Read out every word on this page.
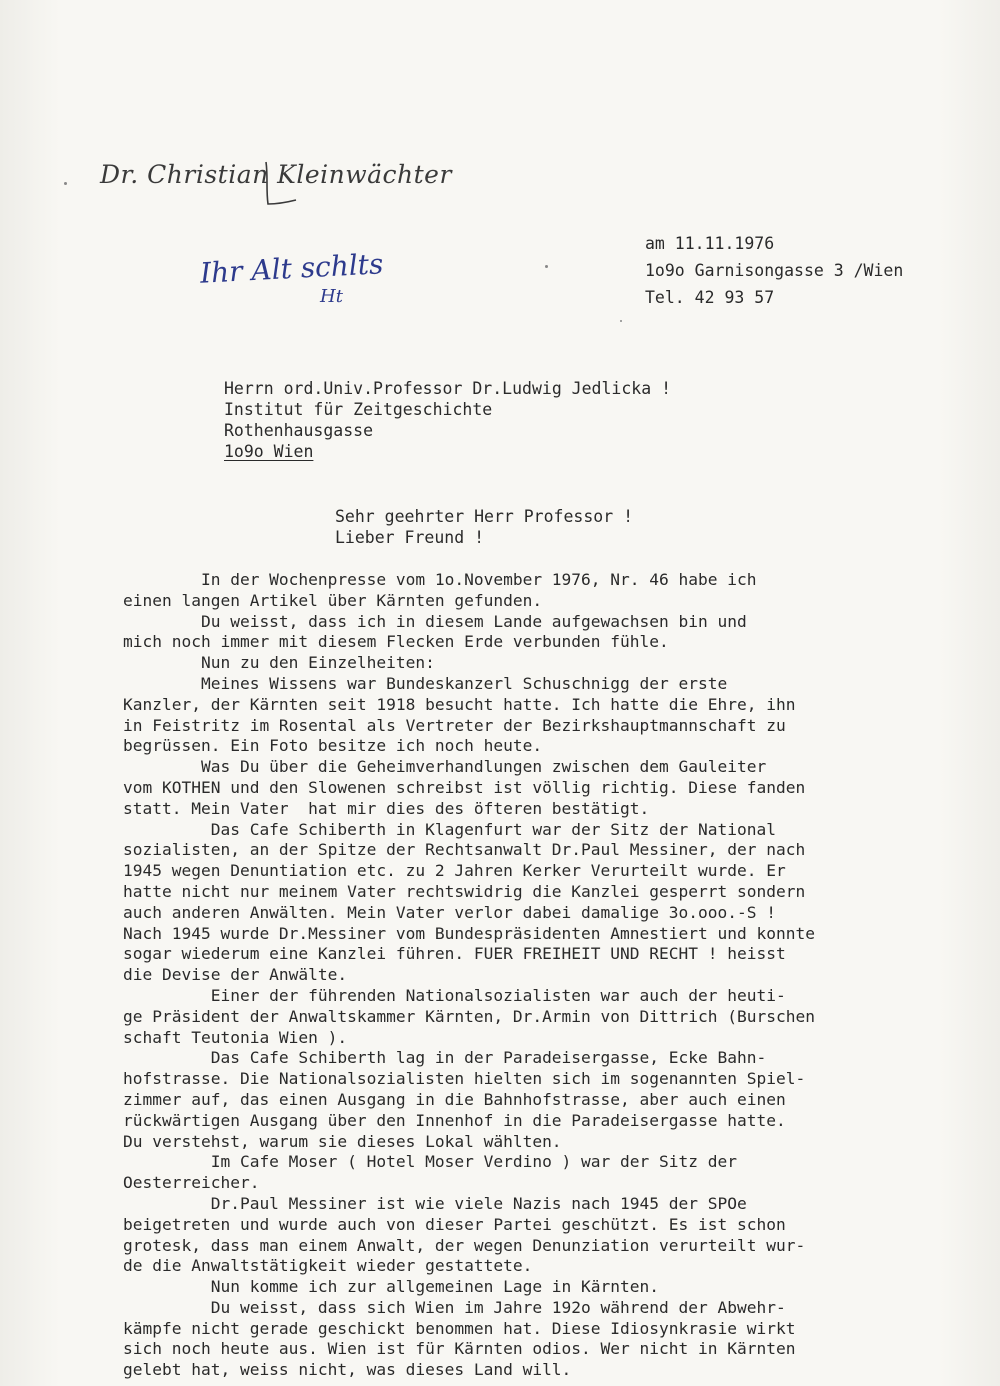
Dr. Christian Kleinwächter
Ihr Alt schlts
Ht
am 11.11.1976
1o9o Garnisongasse 3 /Wien
Tel. 42 93 57
Herrn ord.Univ.Professor Dr.Ludwig Jedlicka !
Institut für Zeitgeschichte
Rothenhausgasse
1o9o Wien
Sehr geehrter Herr Professor !
Lieber Freund !
In der Wochenpresse vom 1o.November 1976, Nr. 46 habe ich
einen langen Artikel über Kärnten gefunden.
Du weisst, dass ich in diesem Lande aufgewachsen bin und
mich noch immer mit diesem Flecken Erde verbunden fühle.
Nun zu den Einzelheiten:
Meines Wissens war Bundeskanzerl Schuschnigg der erste
Kanzler, der Kärnten seit 1918 besucht hatte. Ich hatte die Ehre, ihn
in Feistritz im Rosental als Vertreter der Bezirkshauptmannschaft zu
begrüssen. Ein Foto besitze ich noch heute.
Was Du über die Geheimverhandlungen zwischen dem Gauleiter
vom KOTHEN und den Slowenen schreibst ist völlig richtig. Diese fanden
statt. Mein Vater  hat mir dies des öfteren bestätigt.
Das Cafe Schiberth in Klagenfurt war der Sitz der National
sozialisten, an der Spitze der Rechtsanwalt Dr.Paul Messiner, der nach
1945 wegen Denuntiation etc. zu 2 Jahren Kerker Verurteilt wurde. Er
hatte nicht nur meinem Vater rechtswidrig die Kanzlei gesperrt sondern
auch anderen Anwälten. Mein Vater verlor dabei damalige 3o.ooo.-S !
Nach 1945 wurde Dr.Messiner vom Bundespräsidenten Amnestiert und konnte
sogar wiederum eine Kanzlei führen. FUER FREIHEIT UND RECHT ! heisst
die Devise der Anwälte.
Einer der führenden Nationalsozialisten war auch der heuti-
ge Präsident der Anwaltskammer Kärnten, Dr.Armin von Dittrich (Burschen
schaft Teutonia Wien ).
Das Cafe Schiberth lag in der Paradeisergasse, Ecke Bahn-
hofstrasse. Die Nationalsozialisten hielten sich im sogenannten Spiel-
zimmer auf, das einen Ausgang in die Bahnhofstrasse, aber auch einen
rückwärtigen Ausgang über den Innenhof in die Paradeisergasse hatte.
Du verstehst, warum sie dieses Lokal wählten.
Im Cafe Moser ( Hotel Moser Verdino ) war der Sitz der
Oesterreicher.
Dr.Paul Messiner ist wie viele Nazis nach 1945 der SPOe
beigetreten und wurde auch von dieser Partei geschützt. Es ist schon
grotesk, dass man einem Anwalt, der wegen Denunziation verurteilt wur-
de die Anwaltstätigkeit wieder gestattete.
Nun komme ich zur allgemeinen Lage in Kärnten.
Du weisst, dass sich Wien im Jahre 192o während der Abwehr-
kämpfe nicht gerade geschickt benommen hat. Diese Idiosynkrasie wirkt
sich noch heute aus. Wien ist für Kärnten odios. Wer nicht in Kärnten
gelebt hat, weiss nicht, was dieses Land will.
